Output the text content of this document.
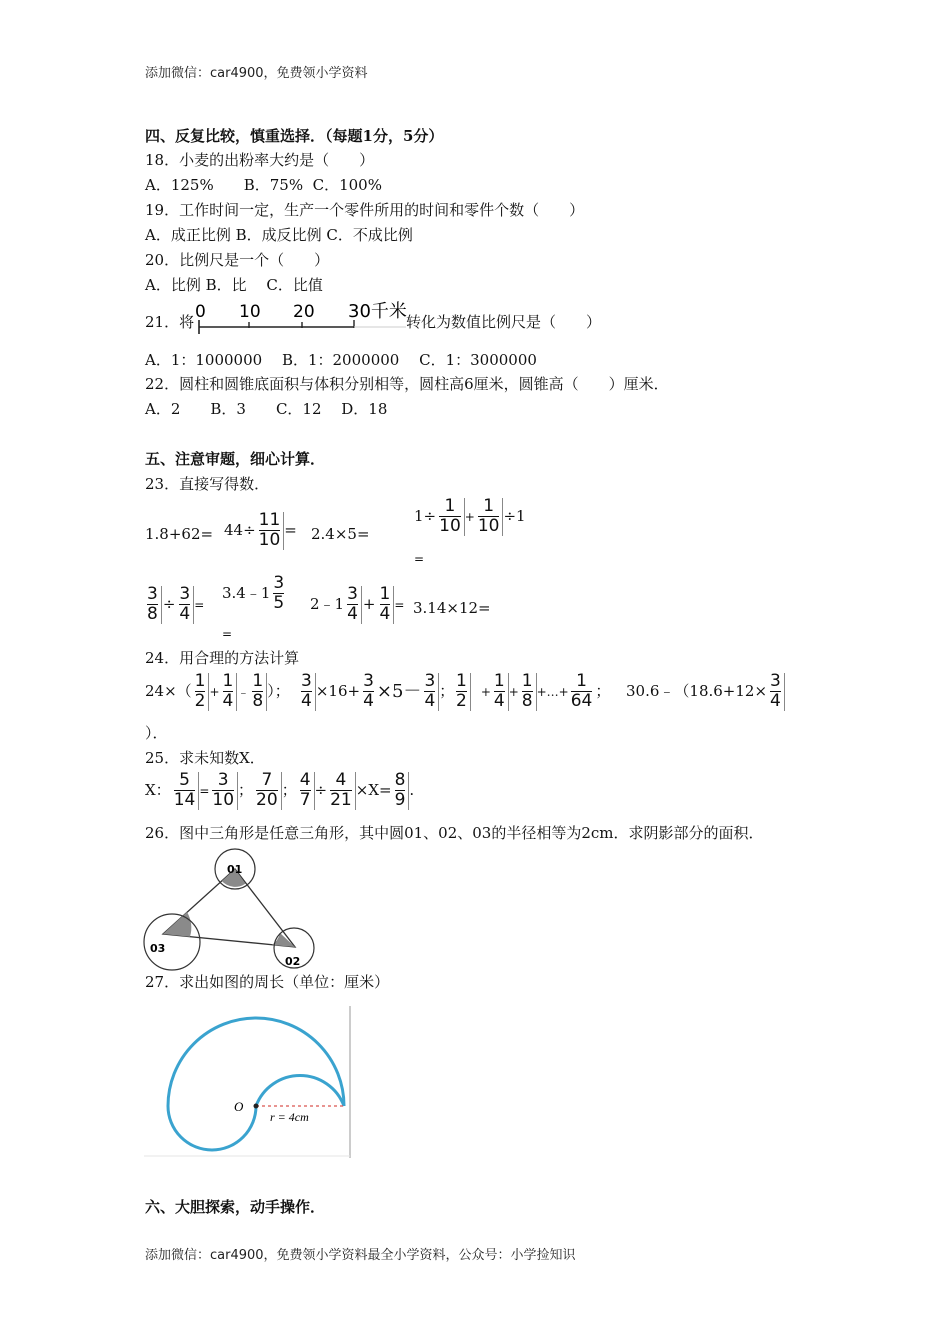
添加微信：car4900，免费领小学资料
添加微信：car4900，免费领小学资料最全小学资料，公众号：小学捡知识
四、反复比较，慎重选择．（每题1分，5分）
18．小麦的出粉率大约是（　　）
A．125%　　B．75%  C．100%
19．工作时间一定，生产一个零件所用的时间和零件个数（　　）
A．成正比例 B．成反比例 C．不成比例
20．比例尺是一个（　　）
A．比例 B．比　 C．比值
21．将 0 10 20 30千米 转化为数值比例尺是（　　）
A．1：1000000　 B．1：2000000　 C．1：3000000
22．圆柱和圆锥底面积与体积分别相等，圆柱高6厘米，圆锥高（　　）厘米．
A．2　　B．3　　C．12　 D．18
五、注意审题，细心计算．
23．直接写得数．
$1.8+62= 44\div \frac{11}{10} = 2.4\times 5=$
$1\div \frac{1}{10} + \frac{1}{10} \div 1$
=
$\frac{3}{8} \div \frac{3}{4}$ =
3.4﹣1 $\frac{3}{5}$
=
2﹣1 $\frac{3}{4} + \frac{1}{4} = 3.14\times 12=$
24．用合理的方法计算
$24\times( \frac{1}{2} + \frac{1}{4}$ ﹣ $\frac{1}{8}$ ）； $\frac{3}{4} \times 16+ \frac{3}{4} \times 5- \frac{3}{4}$ ；
$\frac{1}{2} + \frac{1}{4} + \frac{1}{8}$ +…+ $\frac{1}{64}$ ； 30.6﹣（18.6+12× $\frac{3}{4}$
）．
25．求未知数X．
X： $\frac{5}{14} = \frac{3}{10}$ ； $\frac{7}{20}$ ； $\frac{4}{7} \div \frac{4}{21} \times X= \frac{8}{9}$ .
26．图中三角形是任意三角形，其中圆01、02、03的半径相等为2cm．求阴影部分的面积．
01
02
03
27．求出如图的周长（单位：厘米）
O
r = 4cm
六、大胆探索，动手操作．
